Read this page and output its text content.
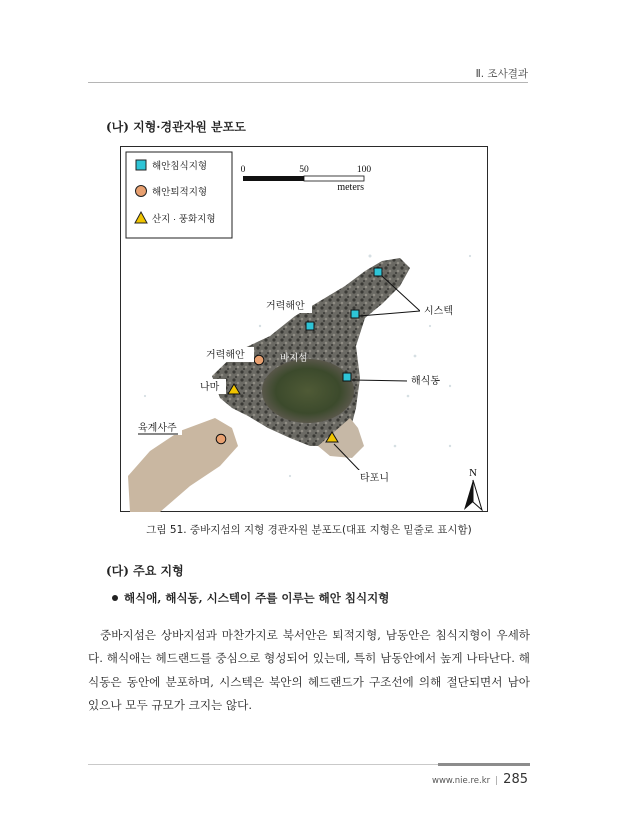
Ⅱ. 조사결과
(나) 지형·경관자원 분포도
해안침식지형
해안퇴적지형
산지 · 풍화지형
0	50	100
meters
시스텍
거력해안
거력해안	바지섬
해식동
나마
육계사주
타포니	N
그림 51. 중바지섬의 지형 경관자원 분포도(대표 지형은 밑줄로 표시함)
(다) 주요 지형
해식애, 해식동, 시스텍이 주를 이루는 해안 침식지형

중바지섬은 상바지섬과 마찬가지로 북서안은 퇴적지형, 남동안은 침식지형이 우세하다. 해식애는 헤드랜드를 중심으로 형성되어 있는데, 특히 남동안에서 높게 나타난다. 해식동은 동안에 분포하며, 시스텍은 북안의 헤드랜드가 구조선에 의해 절단되면서 남아 있으나 모두 규모가 크지는 않다.

www.nie.re.kr | 285
